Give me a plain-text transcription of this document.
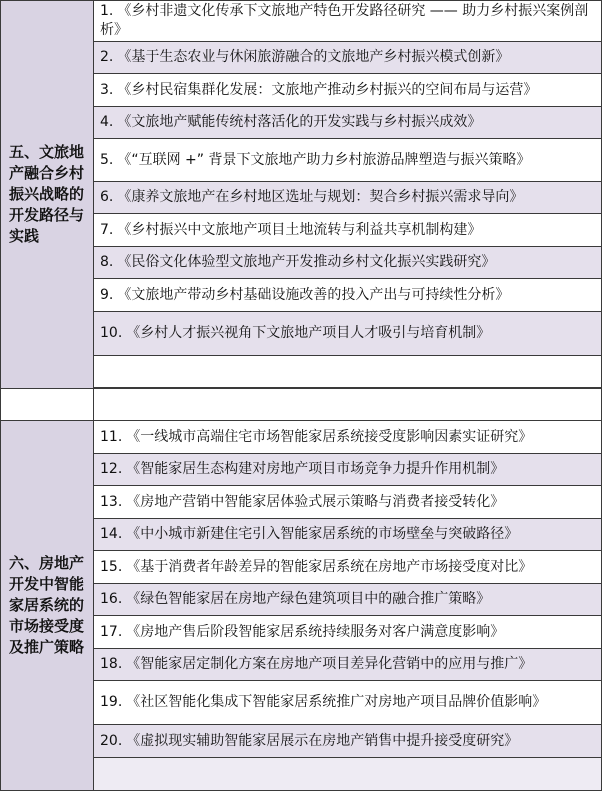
五、文旅地产融合乡村振兴战略的开发路径与实践	1. 《乡村非遗文化传承下文旅地产特色开发路径研究 —— 助力乡村振兴案例剖析》
	2. 《基于生态农业与休闲旅游融合的文旅地产乡村振兴模式创新》
	3. 《乡村民宿集群化发展：文旅地产推动乡村振兴的空间布局与运营》
	4. 《文旅地产赋能传统村落活化的开发实践与乡村振兴成效》
	5. 《“互联网 +” 背景下文旅地产助力乡村旅游品牌塑造与振兴策略》
	6. 《康养文旅地产在乡村地区选址与规划：契合乡村振兴需求导向》
	7. 《乡村振兴中文旅地产项目土地流转与利益共享机制构建》
	8. 《民俗文化体验型文旅地产开发推动乡村文化振兴实践研究》
	9. 《文旅地产带动乡村基础设施改善的投入产出与可持续性分析》
	10. 《乡村人才振兴视角下文旅地产项目人才吸引与培育机制》

六、房地产开发中智能家居系统的市场接受度及推广策略	11. 《一线城市高端住宅市场智能家居系统接受度影响因素实证研究》
	12. 《智能家居生态构建对房地产项目市场竞争力提升作用机制》
	13. 《房地产营销中智能家居体验式展示策略与消费者接受转化》
	14. 《中小城市新建住宅引入智能家居系统的市场壁垒与突破路径》
	15. 《基于消费者年龄差异的智能家居系统在房地产市场接受度对比》
	16. 《绿色智能家居在房地产绿色建筑项目中的融合推广策略》
	17. 《房地产售后阶段智能家居系统持续服务对客户满意度影响》
	18. 《智能家居定制化方案在房地产项目差异化营销中的应用与推广》
	19. 《社区智能化集成下智能家居系统推广对房地产项目品牌价值影响》
	20. 《虚拟现实辅助智能家居展示在房地产销售中提升接受度研究》
